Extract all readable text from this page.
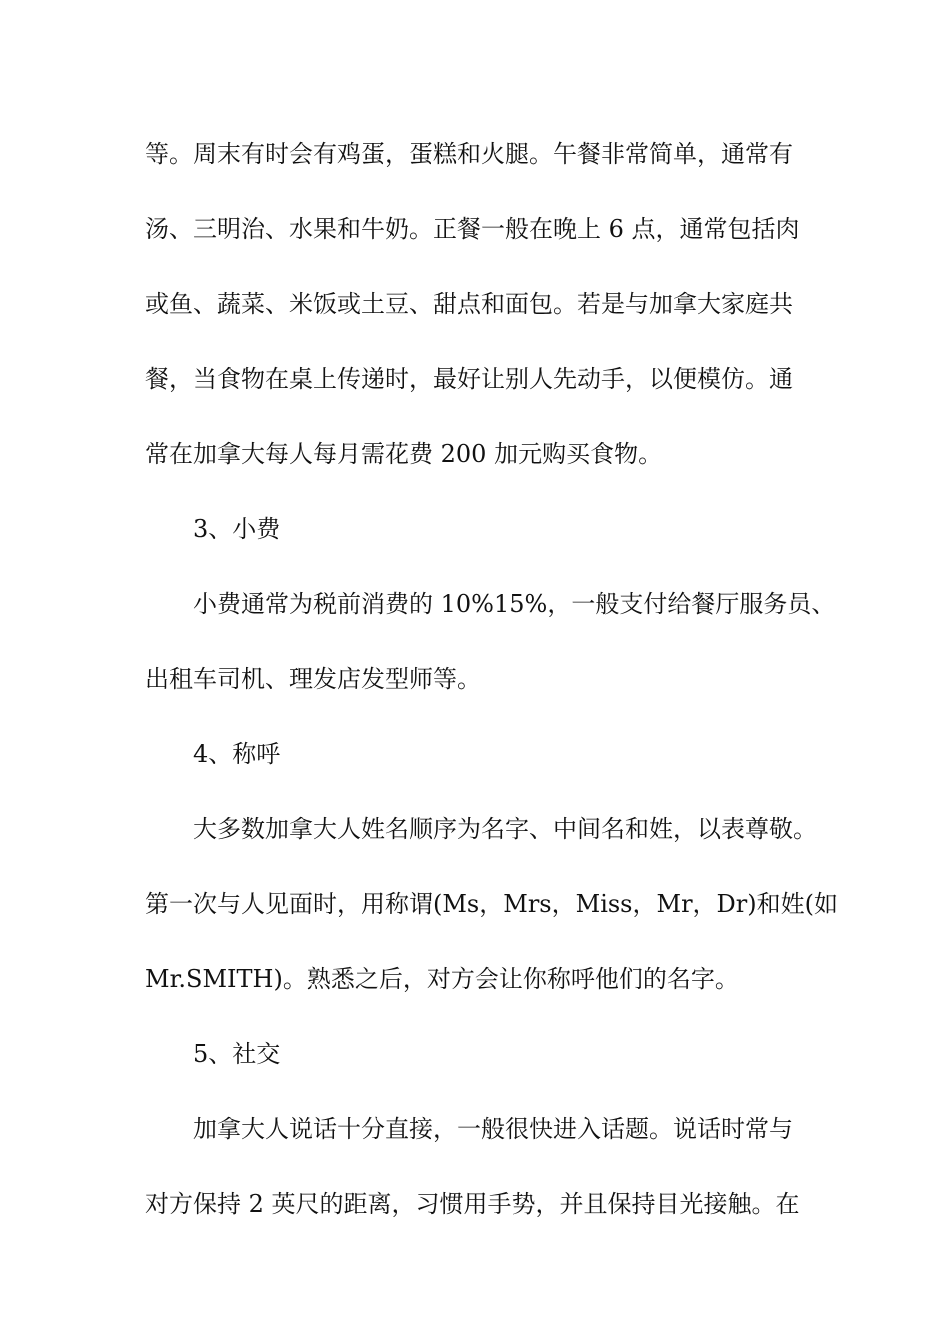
等。周末有时会有鸡蛋，蛋糕和火腿。午餐非常简单，通常有
汤、三明治、水果和牛奶。正餐一般在晚上 6 点，通常包括肉
或鱼、蔬菜、米饭或土豆、甜点和面包。若是与加拿大家庭共
餐，当食物在桌上传递时，最好让别人先动手，以便模仿。通
常在加拿大每人每月需花费 200 加元购买食物。
3、小费
小费通常为税前消费的 10%15%，一般支付给餐厅服务员、
出租车司机、理发店发型师等。
4、称呼
大多数加拿大人姓名顺序为名字、中间名和姓，以表尊敬。
第一次与人见面时，用称谓(Ms，Mrs，Miss，Mr，Dr)和姓(如
Mr.SMITH)。熟悉之后，对方会让你称呼他们的名字。
5、社交
加拿大人说话十分直接，一般很快进入话题。说话时常与
对方保持 2 英尺的距离，习惯用手势，并且保持目光接触。在
